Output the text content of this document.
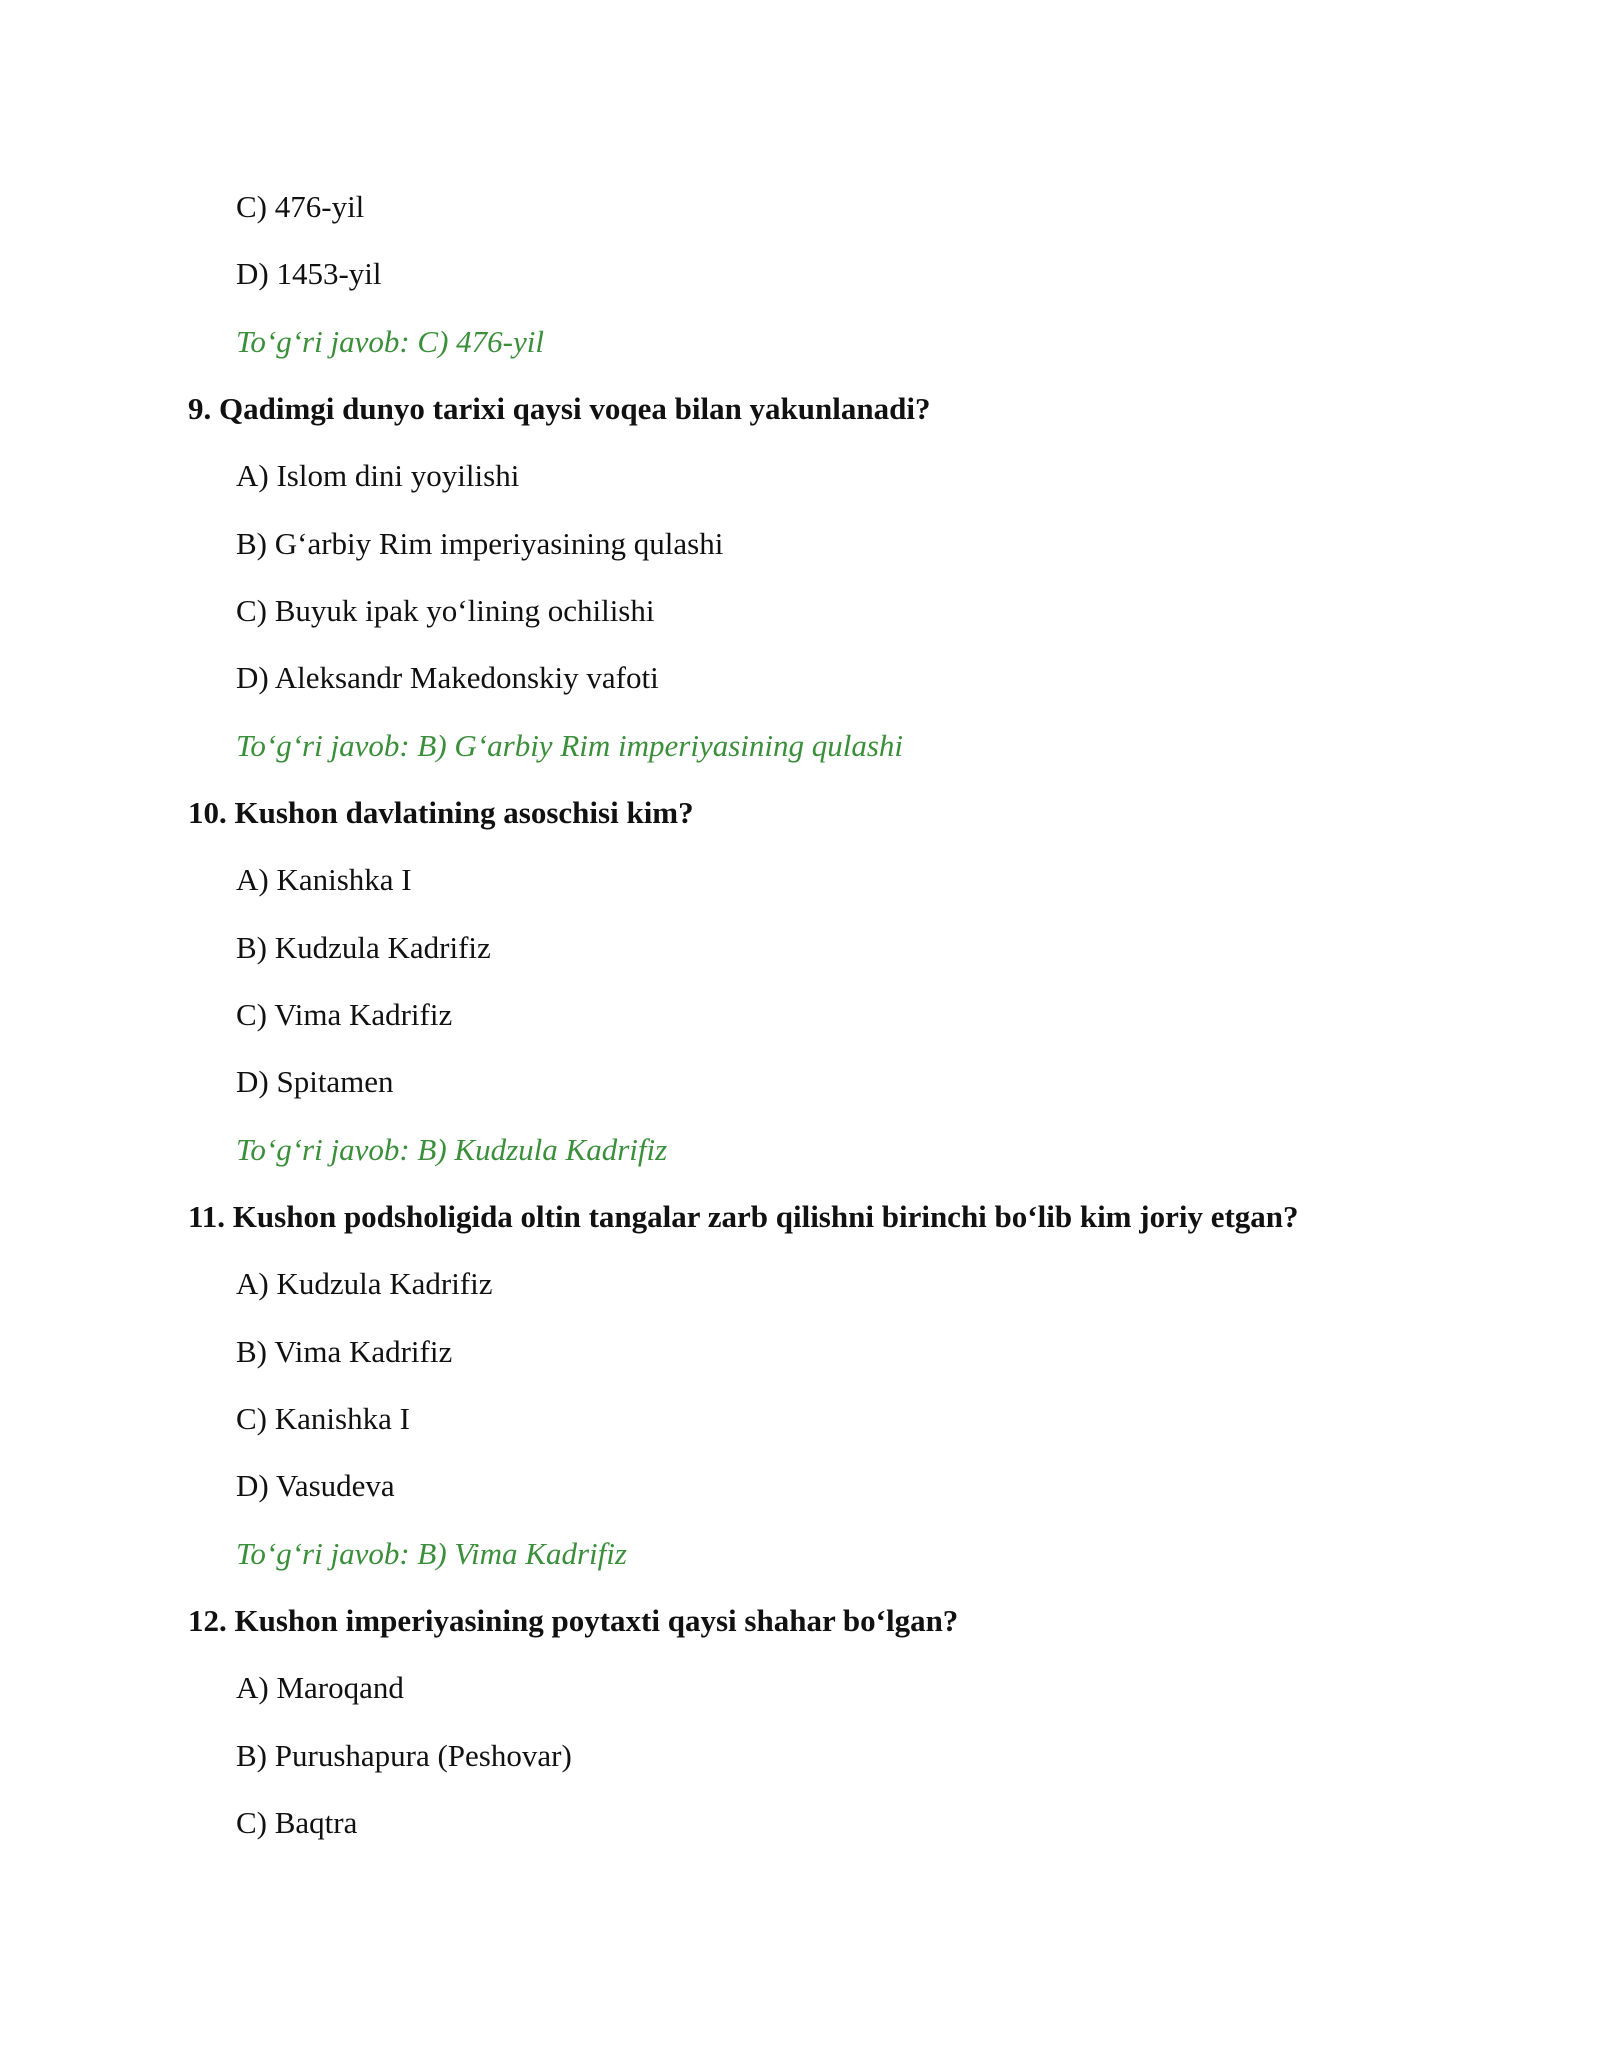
C) 476-yil
D) 1453-yil
To‘g‘ri javob: C) 476-yil
9. Qadimgi dunyo tarixi qaysi voqea bilan yakunlanadi?
A) Islom dini yoyilishi
B) G‘arbiy Rim imperiyasining qulashi
C) Buyuk ipak yo‘lining ochilishi
D) Aleksandr Makedonskiy vafoti
To‘g‘ri javob: B) G‘arbiy Rim imperiyasining qulashi
10. Kushon davlatining asoschisi kim?
A) Kanishka I
B) Kudzula Kadrifiz
C) Vima Kadrifiz
D) Spitamen
To‘g‘ri javob: B) Kudzula Kadrifiz
11. Kushon podsholigida oltin tangalar zarb qilishni birinchi bo‘lib kim joriy etgan?
A) Kudzula Kadrifiz
B) Vima Kadrifiz
C) Kanishka I
D) Vasudeva
To‘g‘ri javob: B) Vima Kadrifiz
12. Kushon imperiyasining poytaxti qaysi shahar bo‘lgan?
A) Maroqand
B) Purushapura (Peshovar)
C) Baqtra
